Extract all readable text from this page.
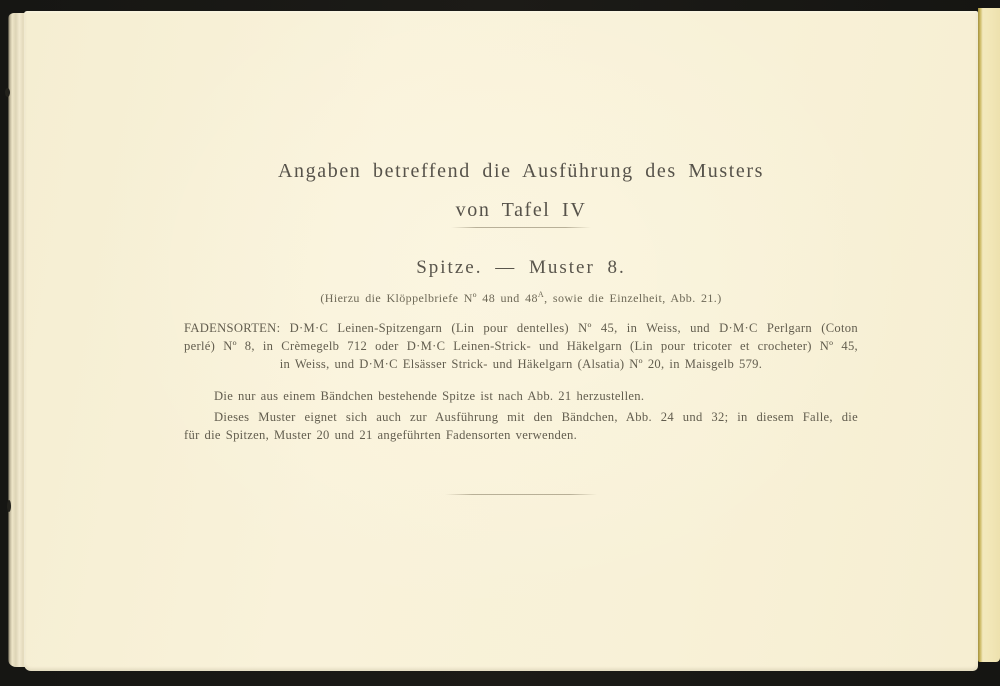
Angaben betreffend die Ausführung des Musters
von Tafel IV
Spitze. — Muster 8.
(Hierzu die Klöppelbriefe Nº 48 und $48^A$, sowie die Einzelheit, Abb. 21.)
FADENSORTEN: D·M·C Leinen-Spitzengarn (Lin pour dentelles) Nº 45, in Weiss, und D·M·C Perlgarn (Coton
perlé) Nº 8, in Crèmegelb 712 oder D·M·C Leinen-Strick- und Häkelgarn (Lin pour tricoter et crocheter) Nº 45,
in Weiss, und D·M·C Elsässer Strick- und Häkelgarn (Alsatia) Nº 20, in Maisgelb 579.
Die nur aus einem Bändchen bestehende Spitze ist nach Abb. 21 herzustellen.
Dieses Muster eignet sich auch zur Ausführung mit den Bändchen, Abb. 24 und 32; in diesem Falle, die
für die Spitzen, Muster 20 und 21 angeführten Fadensorten verwenden.
